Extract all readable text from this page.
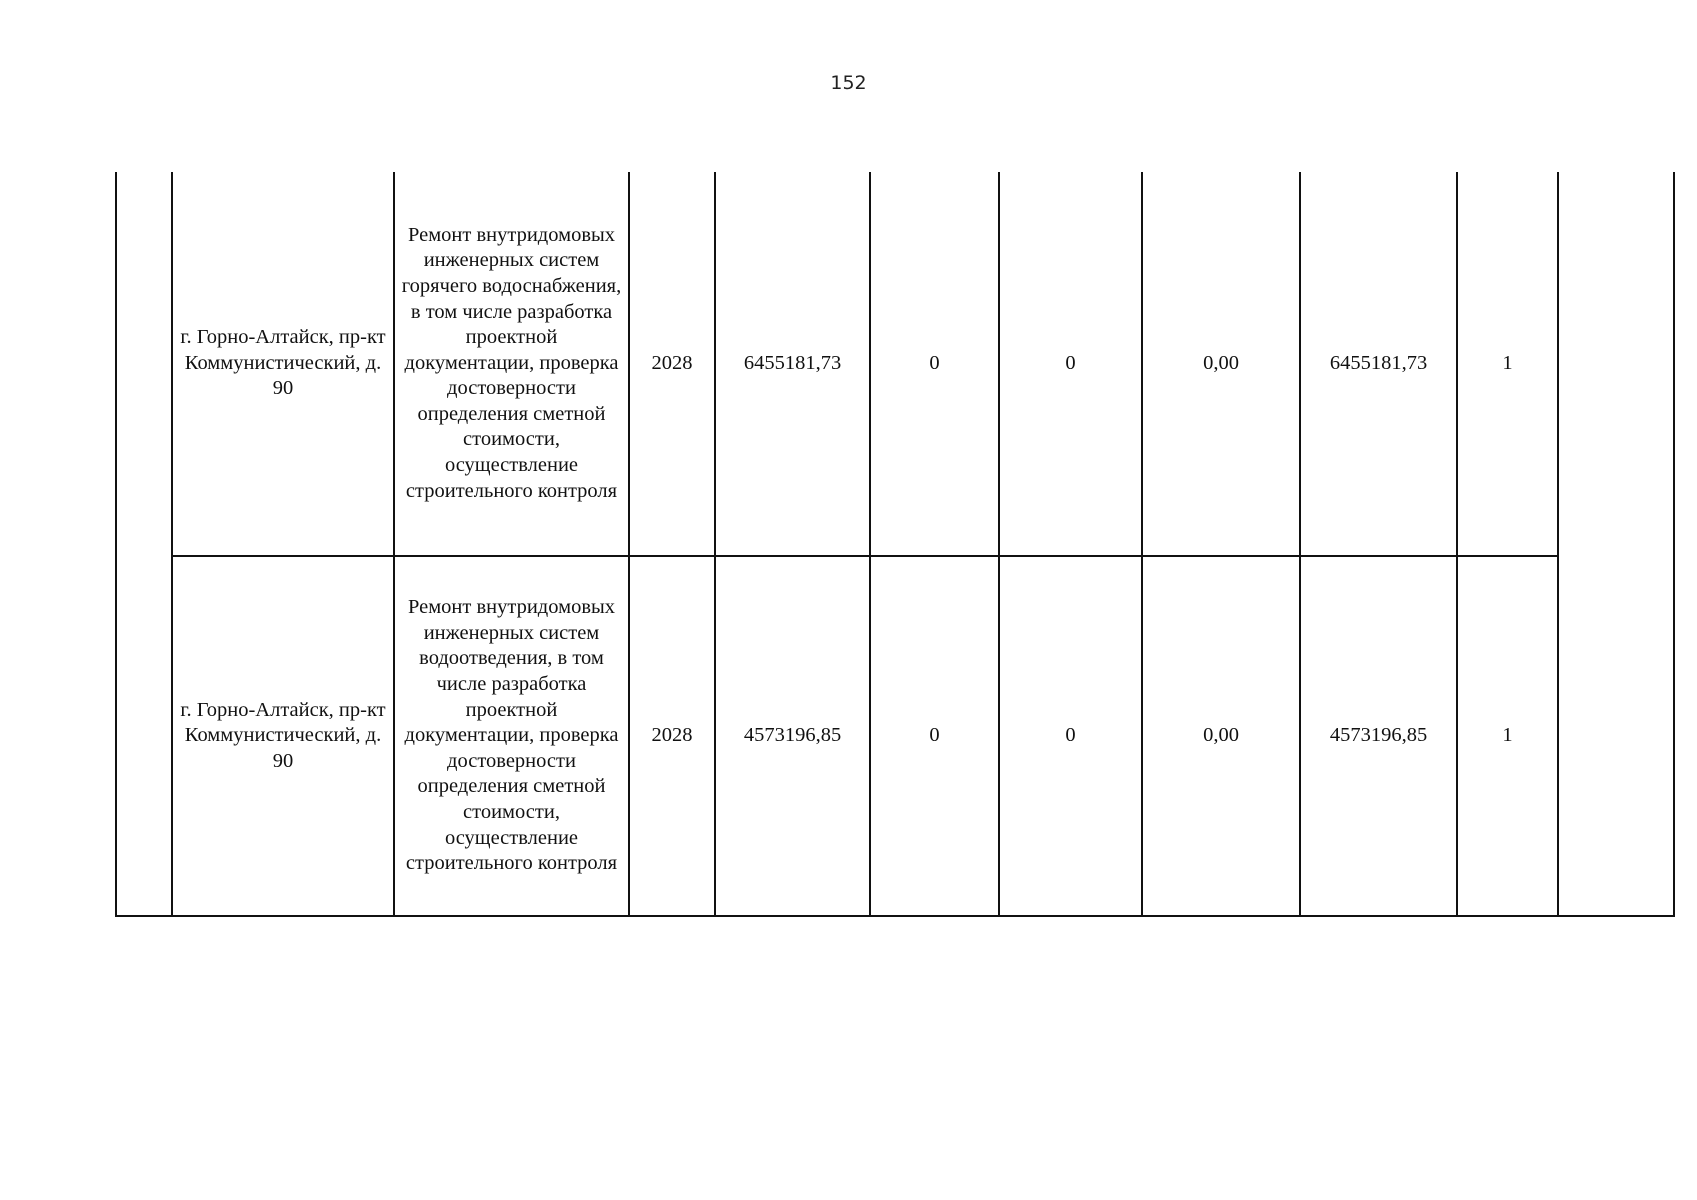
152
	г. Горно-Алтайск, пр-кт Коммунистический, д. 90	Ремонт внутридомовых инженерных систем горячего водоснабжения, в том числе разработка проектной документации, проверка достоверности определения сметной стоимости, осуществление строительного контроля	2028	6455181,73	0	0	0,00	6455181,73	1	
	г. Горно-Алтайск, пр-кт Коммунистический, д. 90	Ремонт внутридомовых инженерных систем водоотведения, в том числе разработка проектной документации, проверка достоверности определения сметной стоимости, осуществление строительного контроля	2028	4573196,85	0	0	0,00	4573196,85	1	
